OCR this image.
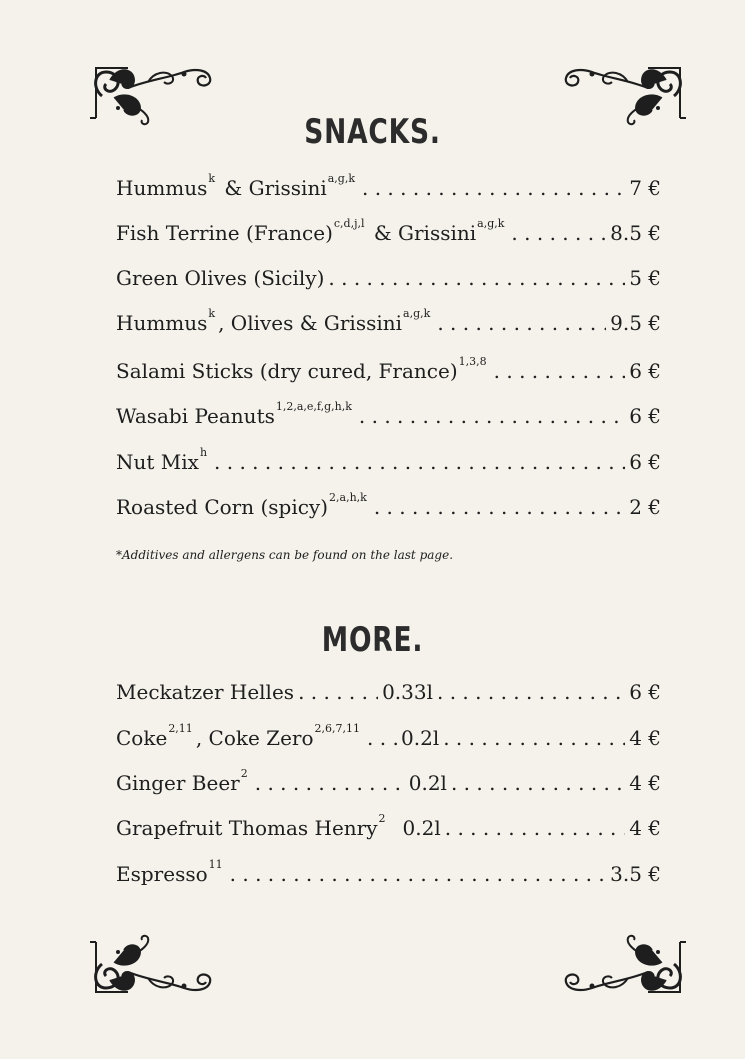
SNACKS.
Hummus$^k$ & Grissini$^{a,g,k}$ . . .	7 €
Fish Terrine (France)$^{c,d,j,l}$ & Grissini$^{a,g,k}$ . . .	8.5 €
Green Olives (Sicily) . . .	5 €
Hummus$^k$ , Olives & Grissini$^{a,g,k}$ . . .	9.5 €
Salami Sticks (dry cured, France)$^{1,3,8}$ . . .	6 €
Wasabi Peanuts$^{1,2,a,e,f,g,h,k}$ . . .	6 €
Nut Mix$^h$ . . .	6 €
Roasted Corn (spicy)$^{2,a,h,k}$ . . .	2 €
*Additives and allergens can be found on the last page.
MORE.
Meckatzer Helles . . .	0.33l . . .	6 €
Coke$^{2,11}$ , Coke Zero$^{2,6,7,11}$ . . . 0.2l . . .	4 €
Ginger Beer$^2$ . . .	0.2l . . .	4 €
Grapefruit Thomas Henry$^2$ 0.2l . . .	4 €
Espresso$^{11}$ . . .	3.5 €
